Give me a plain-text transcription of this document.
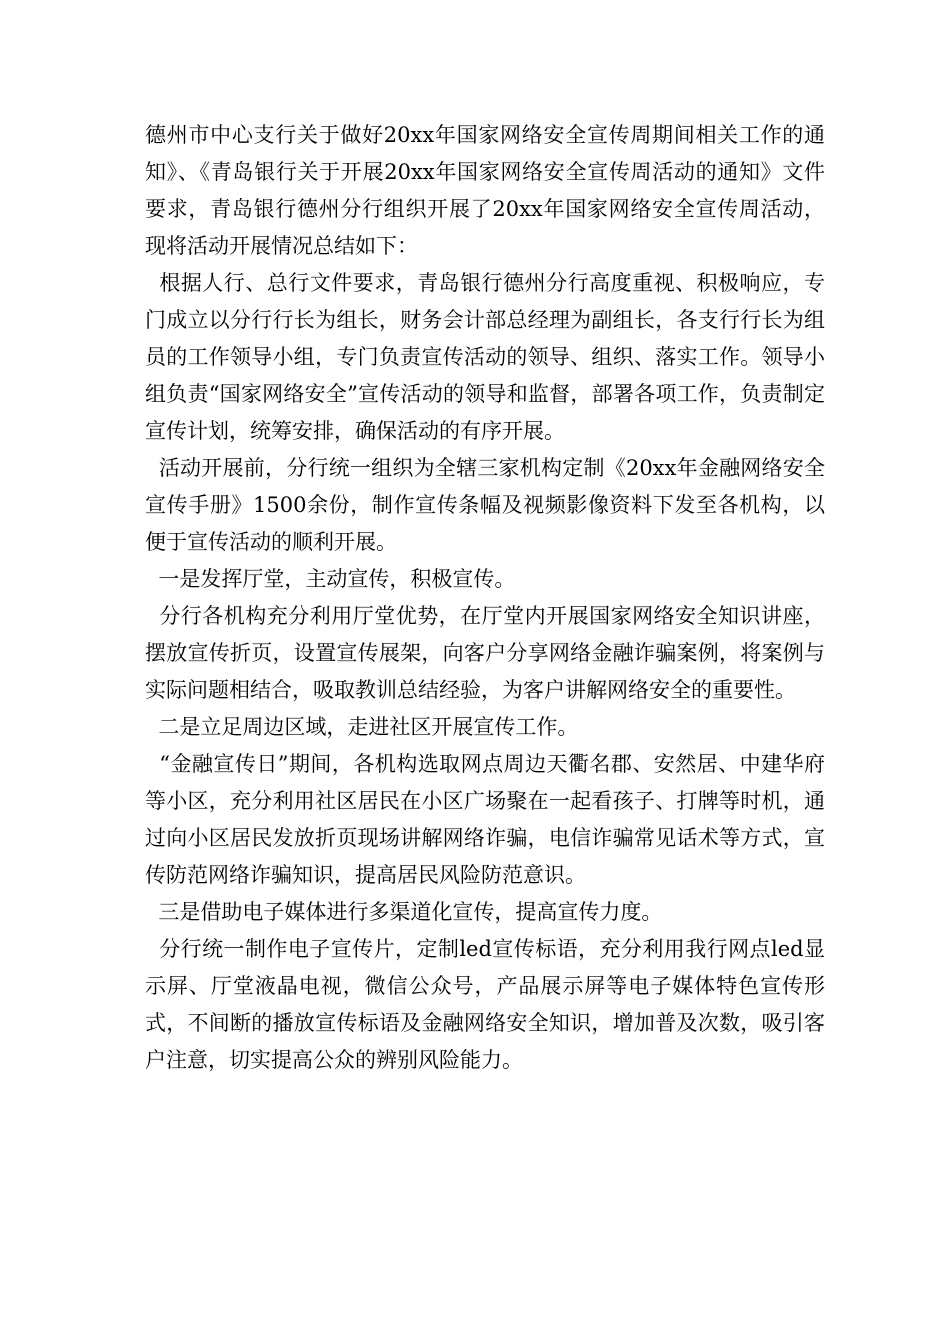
德州市中心支行关于做好20xx年国家网络安全宣传周期间相关工作的通知》、《青岛银行关于开展20xx年国家网络安全宣传周活动的通知》文件要求，青岛银行德州分行组织开展了20xx年国家网络安全宣传周活动，现将活动开展情况总结如下：

根据人行、总行文件要求，青岛银行德州分行高度重视、积极响应，专门成立以分行行长为组长，财务会计部总经理为副组长，各支行行长为组员的工作领导小组，专门负责宣传活动的领导、组织、落实工作。领导小组负责“国家网络安全”宣传活动的领导和监督，部署各项工作，负责制定宣传计划，统筹安排，确保活动的有序开展。

活动开展前，分行统一组织为全辖三家机构定制《20xx年金融网络安全宣传手册》1500余份，制作宣传条幅及视频影像资料下发至各机构，以便于宣传活动的顺利开展。

一是发挥厅堂，主动宣传，积极宣传。

分行各机构充分利用厅堂优势，在厅堂内开展国家网络安全知识讲座，摆放宣传折页，设置宣传展架，向客户分享网络金融诈骗案例，将案例与实际问题相结合，吸取教训总结经验，为客户讲解网络安全的重要性。

二是立足周边区域，走进社区开展宣传工作。

“金融宣传日”期间，各机构选取网点周边天衢名郡、安然居、中建华府等小区，充分利用社区居民在小区广场聚在一起看孩子、打牌等时机，通过向小区居民发放折页现场讲解网络诈骗，电信诈骗常见话术等方式，宣传防范网络诈骗知识，提高居民风险防范意识。

三是借助电子媒体进行多渠道化宣传，提高宣传力度。

分行统一制作电子宣传片，定制led宣传标语，充分利用我行网点led显示屏、厅堂液晶电视，微信公众号，产品展示屏等电子媒体特色宣传形式，不间断的播放宣传标语及金融网络安全知识，增加普及次数，吸引客户注意，切实提高公众的辨别风险能力。
